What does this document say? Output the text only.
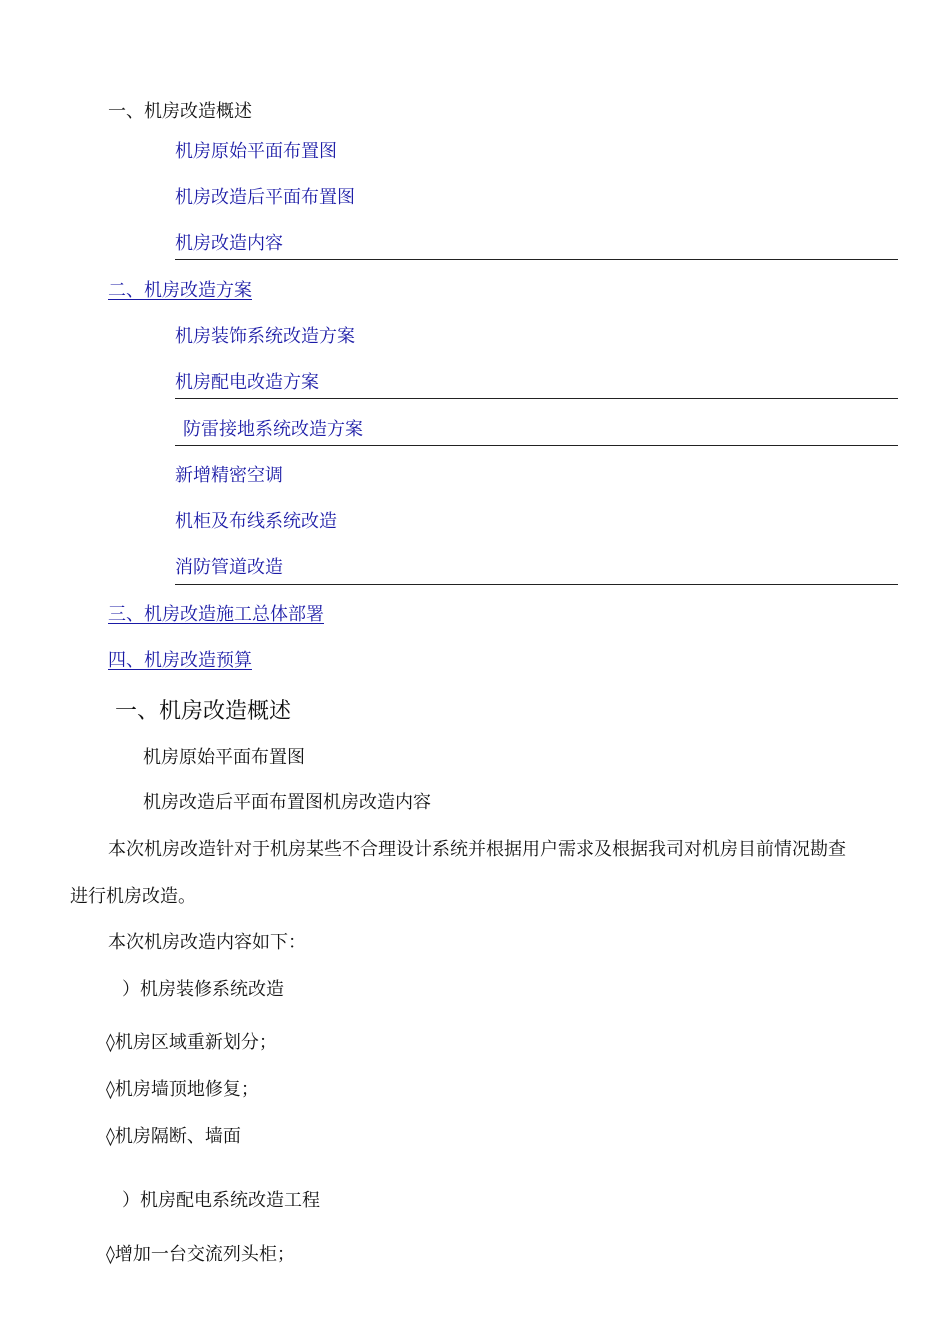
一、机房改造概述
机房原始平面布置图
机房改造后平面布置图
机房改造内容
二、机房改造方案
机房装饰系统改造方案
机房配电改造方案
防雷接地系统改造方案
新增精密空调
机柜及布线系统改造
消防管道改造
三、机房改造施工总体部署
四、机房改造预算
一、机房改造概述
机房原始平面布置图
机房改造后平面布置图机房改造内容
本次机房改造针对于机房某些不合理设计系统并根据用户需求及根据我司对机房目前情况勘查
进行机房改造。
本次机房改造内容如下：
）机房装修系统改造
◊机房区域重新划分；
◊机房墙顶地修复；
◊机房隔断、墙面
）机房配电系统改造工程
◊增加一台交流列头柜；
